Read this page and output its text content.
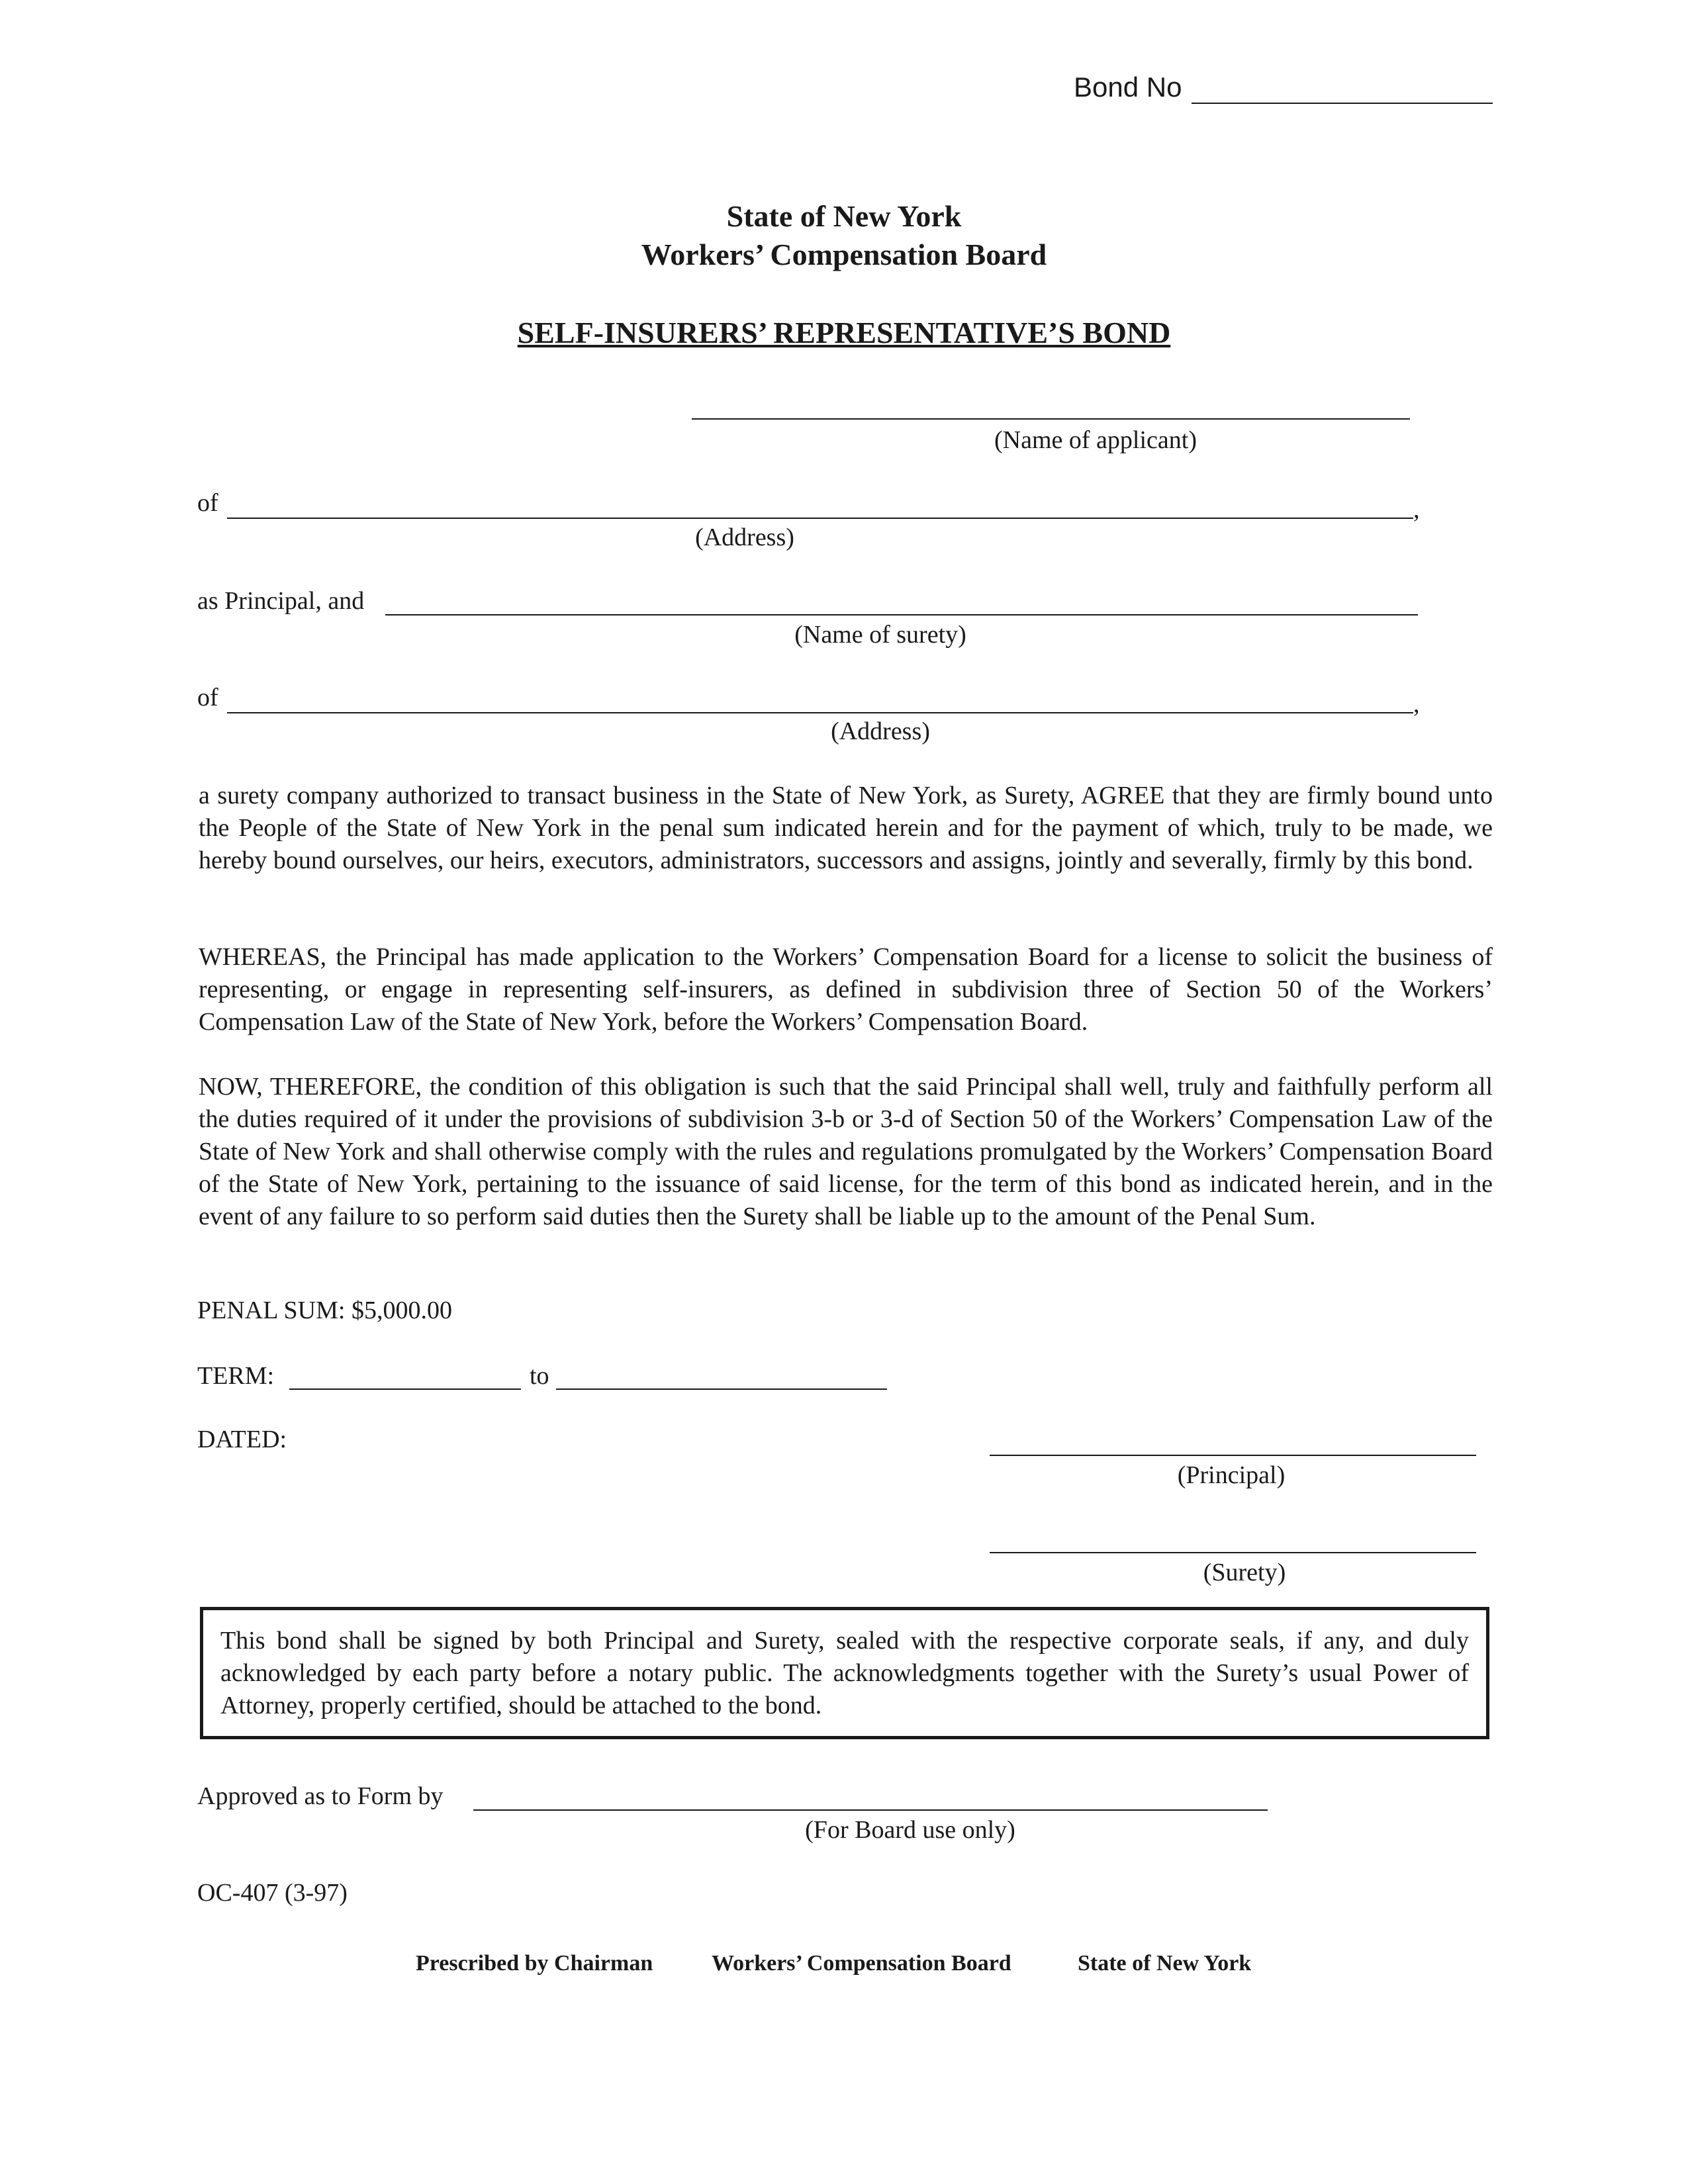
Bond No
State of New York
Workers’ Compensation Board
SELF-INSURERS’ REPRESENTATIVE’S BOND
(Name of applicant)
of	,
(Address)
as Principal, and
(Name of surety)
of	,
(Address)
a surety company authorized to transact business in the State of New York, as Surety, AGREE that they are firmly bound unto the People of the State of New York in the penal sum indicated herein and for the payment of which, truly to be made, we hereby bound ourselves, our heirs, executors, administrators, successors and assigns, jointly and severally, firmly by this bond.
WHEREAS, the Principal has made application to the Workers’ Compensation Board for a license to solicit the business of representing, or engage in representing self-insurers, as defined in subdivision three of Section 50 of the Workers’ Compensation Law of the State of New York, before the Workers’ Compensation Board.
NOW, THEREFORE, the condition of this obligation is such that the said Principal shall well, truly and faithfully perform all the duties required of it under the provisions of subdivision 3-b or 3-d of Section 50 of the Workers’ Compensation Law of the State of New York and shall otherwise comply with the rules and regulations promulgated by the Workers’ Compensation Board of the State of New York, pertaining to the issuance of said license, for the term of this bond as indicated herein, and in the event of any failure to so perform said duties then the Surety shall be liable up to the amount of the Penal Sum.
PENAL SUM: $5,000.00
TERM:	to
DATED:
(Principal)
(Surety)
This bond shall be signed by both Principal and Surety, sealed with the respective corporate seals, if any, and duly acknowledged by each party before a notary public. The acknowledgments together with the Surety’s usual Power of Attorney, properly certified, should be attached to the bond.
Approved as to Form by
(For Board use only)
OC-407 (3-97)
Prescribed by Chairman	Workers’ Compensation Board	State of New York
